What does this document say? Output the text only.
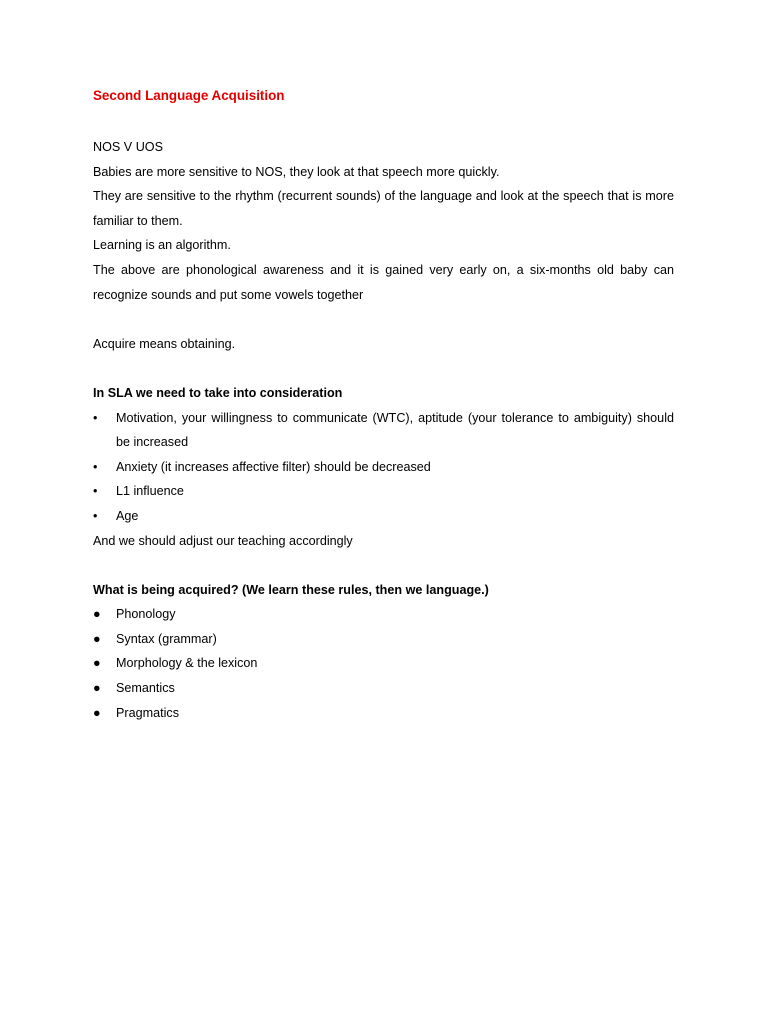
Second Language Acquisition

NOS V UOS

Babies are more sensitive to NOS, they look at that speech more quickly.

They are sensitive to the rhythm (recurrent sounds) of the language and look at the speech that is more familiar to them.

Learning is an algorithm.

The above are phonological awareness and it is gained very early on, a six-months old baby can recognize sounds and put some vowels together

Acquire means obtaining.

In SLA we need to take into consideration

•	Motivation, your willingness to communicate (WTC), aptitude (your tolerance to ambiguity) should be increased
•	Anxiety (it increases affective filter) should be decreased
•	L1 influence
•	Age

And we should adjust our teaching accordingly

What is being acquired? (We learn these rules, then we language.)

● Phonology
● Syntax (grammar)
● Morphology & the lexicon
● Semantics
● Pragmatics
